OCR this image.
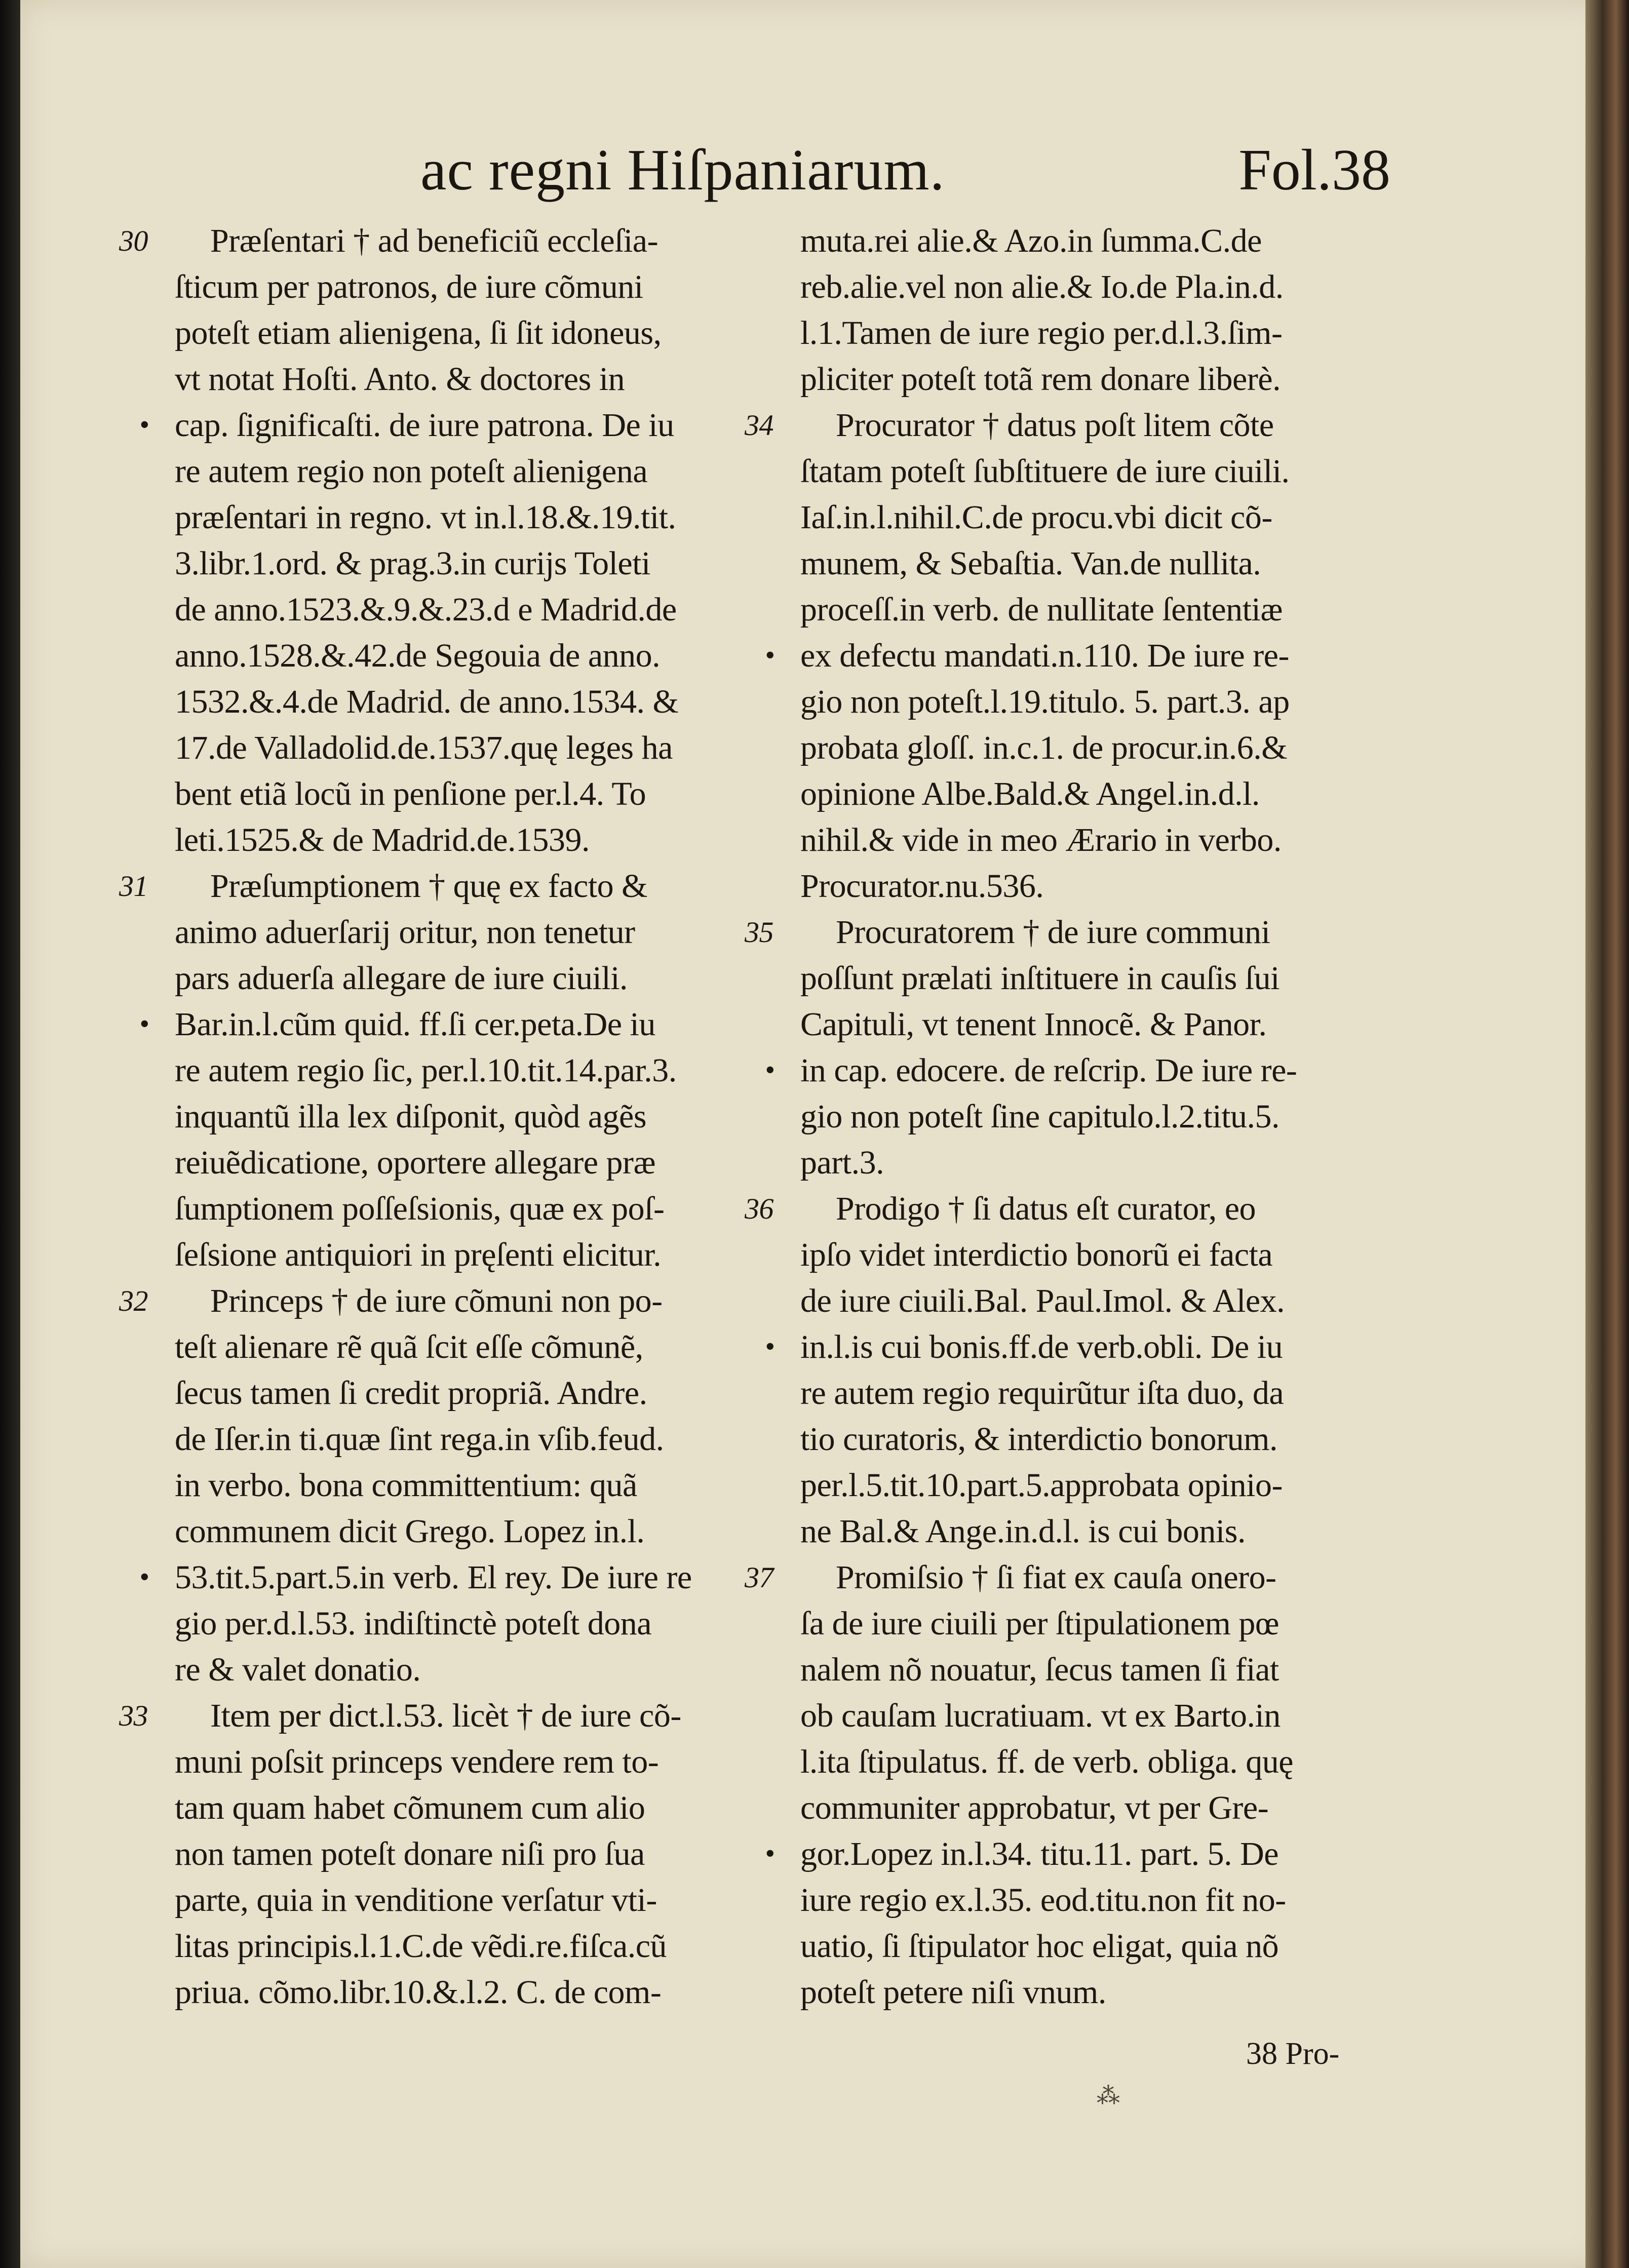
ac regni Hiſpaniarum.	Fol.38
30	Præſentari † ad beneficiũ eccleſia-
ſticum per patronos, de iure cõmuni
poteſt etiam alienigena, ſi ſit idoneus,
vt notat Hoſti. Anto. & doctores in
• cap. ſignificaſti. de iure patrona. De iu
re autem regio non poteſt alienigena
præſentari in regno. vt in.l.18.&.19.tit.
3.libr.1.ord. & prag.3.in curijs Toleti
de anno.1523.&.9.&.23.d e Madrid.de
anno.1528.&.42.de Segouia de anno.
1532.&.4.de Madrid. de anno.1534. &
17.de Valladolid.de.1537.quę leges ha
bent etiã locũ in penſione per.l.4. To
leti.1525.& de Madrid.de.1539.
31	Præſumptionem † quę ex facto &
animo aduerſarij oritur, non tenetur
pars aduerſa allegare de iure ciuili.
• Bar.in.l.cũm quid. ff.ſi cer.peta.De iu
re autem regio ſic, per.l.10.tit.14.par.3.
inquantũ illa lex diſponit, quòd agẽs
reiuẽdicatione, oportere allegare præ
ſumptionem poſſeſsionis, quæ ex poſ-
ſeſsione antiquiori in pręſenti elicitur.
32	Princeps † de iure cõmuni non po-
teſt alienare rẽ quã ſcit eſſe cõmunẽ,
ſecus tamen ſi credit propriã. Andre.
de Iſer.in ti.quæ ſint rega.in vſib.feud.
in verbo. bona committentium: quã
communem dicit Grego. Lopez in.l.
• 53.tit.5.part.5.in verb. El rey. De iure re
gio per.d.l.53. indiſtinctè poteſt dona
re & valet donatio.
33	Item per dict.l.53. licèt † de iure cõ-
muni poſsit princeps vendere rem to-
tam quam habet cõmunem cum alio
non tamen poteſt donare niſi pro ſua
parte, quia in venditione verſatur vti-
litas principis.l.1.C.de vẽdi.re.fiſca.cũ
priua. cõmo.libr.10.&.l.2. C. de com-
muta.rei alie.& Azo.in ſumma.C.de
reb.alie.vel non alie.& Io.de Pla.in.d.
l.1.Tamen de iure regio per.d.l.3.ſim-
pliciter poteſt totã rem donare liberè.
34	Procurator † datus poſt litem cõte
ſtatam poteſt ſubſtituere de iure ciuili.
Iaſ.in.l.nihil.C.de procu.vbi dicit cõ-
munem, & Sebaſtia. Van.de nullita.
proceſſ.in verb. de nullitate ſententiæ
• ex defectu mandati.n.110. De iure re-
gio non poteſt.l.19.titulo. 5. part.3. ap
probata gloſſ. in.c.1. de procur.in.6.&
opinione Albe.Bald.& Angel.in.d.l.
nihil.& vide in meo Ærario in verbo.
Procurator.nu.536.
35	Procuratorem † de iure communi
poſſunt prælati inſtituere in cauſis ſui
Capituli, vt tenent Innocẽ. & Panor.
• in cap. edocere. de reſcrip. De iure re-
gio non poteſt ſine capitulo.l.2.titu.5.
part.3.
36	Prodigo † ſi datus eſt curator, eo
ipſo videt interdictio bonorũ ei facta
de iure ciuili.Bal. Paul.Imol. & Alex.
• in.l.is cui bonis.ff.de verb.obli. De iu
re autem regio requirũtur iſta duo, da
tio curatoris, & interdictio bonorum.
per.l.5.tit.10.part.5.approbata opinio-
ne Bal.& Ange.in.d.l. is cui bonis.
37	Promiſsio † ſi fiat ex cauſa onero-
ſa de iure ciuili per ſtipulationem pœ
nalem nõ nouatur, ſecus tamen ſi fiat
ob cauſam lucratiuam. vt ex Barto.in
l.ita ſtipulatus. ff. de verb. obliga. quę
communiter approbatur, vt per Gre-
• gor.Lopez in.l.34. titu.11. part. 5. De
iure regio ex.l.35. eod.titu.non fit no-
uatio, ſi ſtipulator hoc eligat, quia nõ
poteſt petere niſi vnum.
38 Pro-
⁂
